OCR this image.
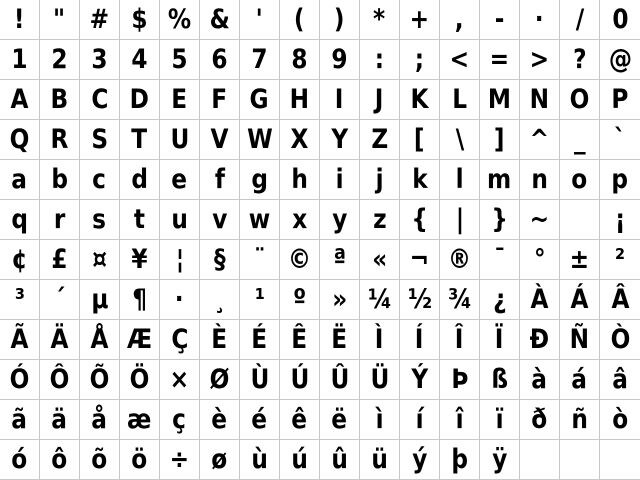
! " # $ % & ' ( ) * + , - · / 0
1 2 3 4 5 6 7 8 9 : ; < = > ? @
A B C D E F G H I J K L M N O P
Q R S T U V W X Y Z [ \ ] ^ _ `
a b c d e f g h i j k l m n o p
q r s t u v w x y z { | } ~ ¡
¢ £ ¤ ¥ ¦ § ¨ © ª « ¬ ® ¯ ° ± ²
³ ´ µ ¶ · ¸ ¹ º » ¼ ½ ¾ ¿ À Á Â
Ã Ä Å Æ Ç È É Ê Ë Ì Í Î Ï Ð Ñ Ò
Ó Ô Õ Ö × Ø Ù Ú Û Ü Ý Þ ß à á â
ã ä å æ ç è é ê ë ì í î ï ð ñ ò
ó ô õ ö ÷ ø ù ú û ü ý þ ÿ
